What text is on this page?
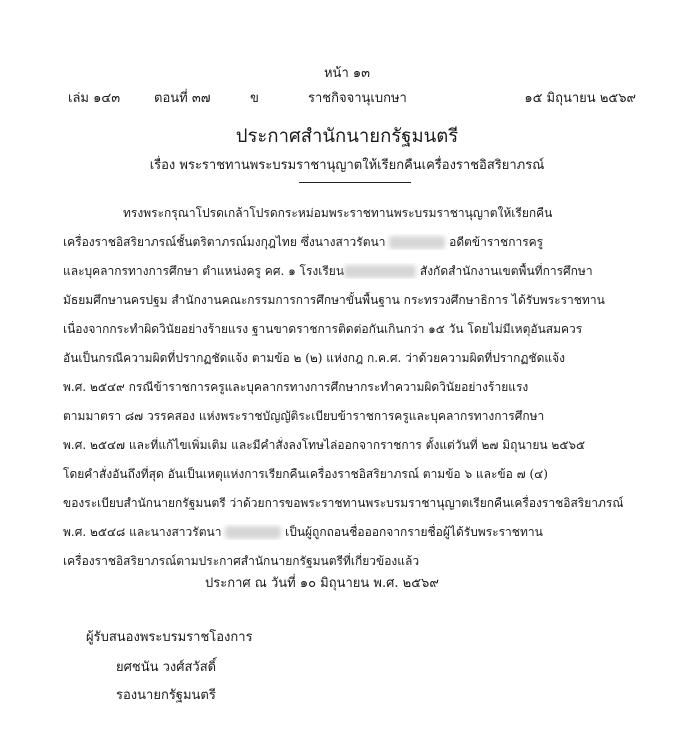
หน้า ๑๓
เล่ม ๑๔๓	ตอนที่ ๓๗	ข	ราชกิจจานุเบกษา	๑๕ มิถุนายน ๒๕๖๙
ประกาศสำนักนายกรัฐมนตรี
เรื่อง พระราชทานพระบรมราชานุญาตให้เรียกคืนเครื่องราชอิสริยาภรณ์
ทรงพระกรุณาโปรดเกล้าโปรดกระหม่อมพระราชทานพระบรมราชานุญาตให้เรียกคืน
เครื่องราชอิสริยาภรณ์ชั้นตริตาภรณ์มงกุฎไทย ซึ่งนางสาวรัตนา	อดีตข้าราชการครู
และบุคลากรทางการศึกษา ตำแหน่งครู คศ. ๑ โรงเรียน	สังกัดสำนักงานเขตพื้นที่การศึกษา
มัธยมศึกษานครปฐม สำนักงานคณะกรรมการการศึกษาขั้นพื้นฐาน กระทรวงศึกษาธิการ ได้รับพระราชทาน
เนื่องจากกระทำผิดวินัยอย่างร้ายแรง ฐานขาดราชการติดต่อกันเกินกว่า ๑๕ วัน โดยไม่มีเหตุอันสมควร
อันเป็นกรณีความผิดที่ปรากฏชัดแจ้ง ตามข้อ ๒ (๒) แห่งกฎ ก.ค.ศ. ว่าด้วยความผิดที่ปรากฏชัดแจ้ง
พ.ศ. ๒๕๔๙ กรณีข้าราชการครูและบุคลากรทางการศึกษากระทำความผิดวินัยอย่างร้ายแรง
ตามมาตรา ๘๗ วรรคสอง แห่งพระราชบัญญัติระเบียบข้าราชการครูและบุคลากรทางการศึกษา
พ.ศ. ๒๕๔๗ และที่แก้ไขเพิ่มเติม และมีคำสั่งลงโทษไล่ออกจากราชการ ตั้งแต่วันที่ ๒๗ มิถุนายน ๒๕๖๕
โดยคำสั่งอันถึงที่สุด อันเป็นเหตุแห่งการเรียกคืนเครื่องราชอิสริยาภรณ์ ตามข้อ ๖ และข้อ ๗ (๔)
ของระเบียบสำนักนายกรัฐมนตรี ว่าด้วยการขอพระราชทานพระบรมราชานุญาตเรียกคืนเครื่องราชอิสริยาภรณ์
พ.ศ. ๒๕๔๘ และนางสาวรัตนา	เป็นผู้ถูกถอนชื่อออกจากรายชื่อผู้ได้รับพระราชทาน
เครื่องราชอิสริยาภรณ์ตามประกาศสำนักนายกรัฐมนตรีที่เกี่ยวข้องแล้ว
ประกาศ ณ วันที่ ๑๐ มิถุนายน พ.ศ. ๒๕๖๙
ผู้รับสนองพระบรมราชโองการ
ยศชนัน วงศ์สวัสดิ์
รองนายกรัฐมนตรี
